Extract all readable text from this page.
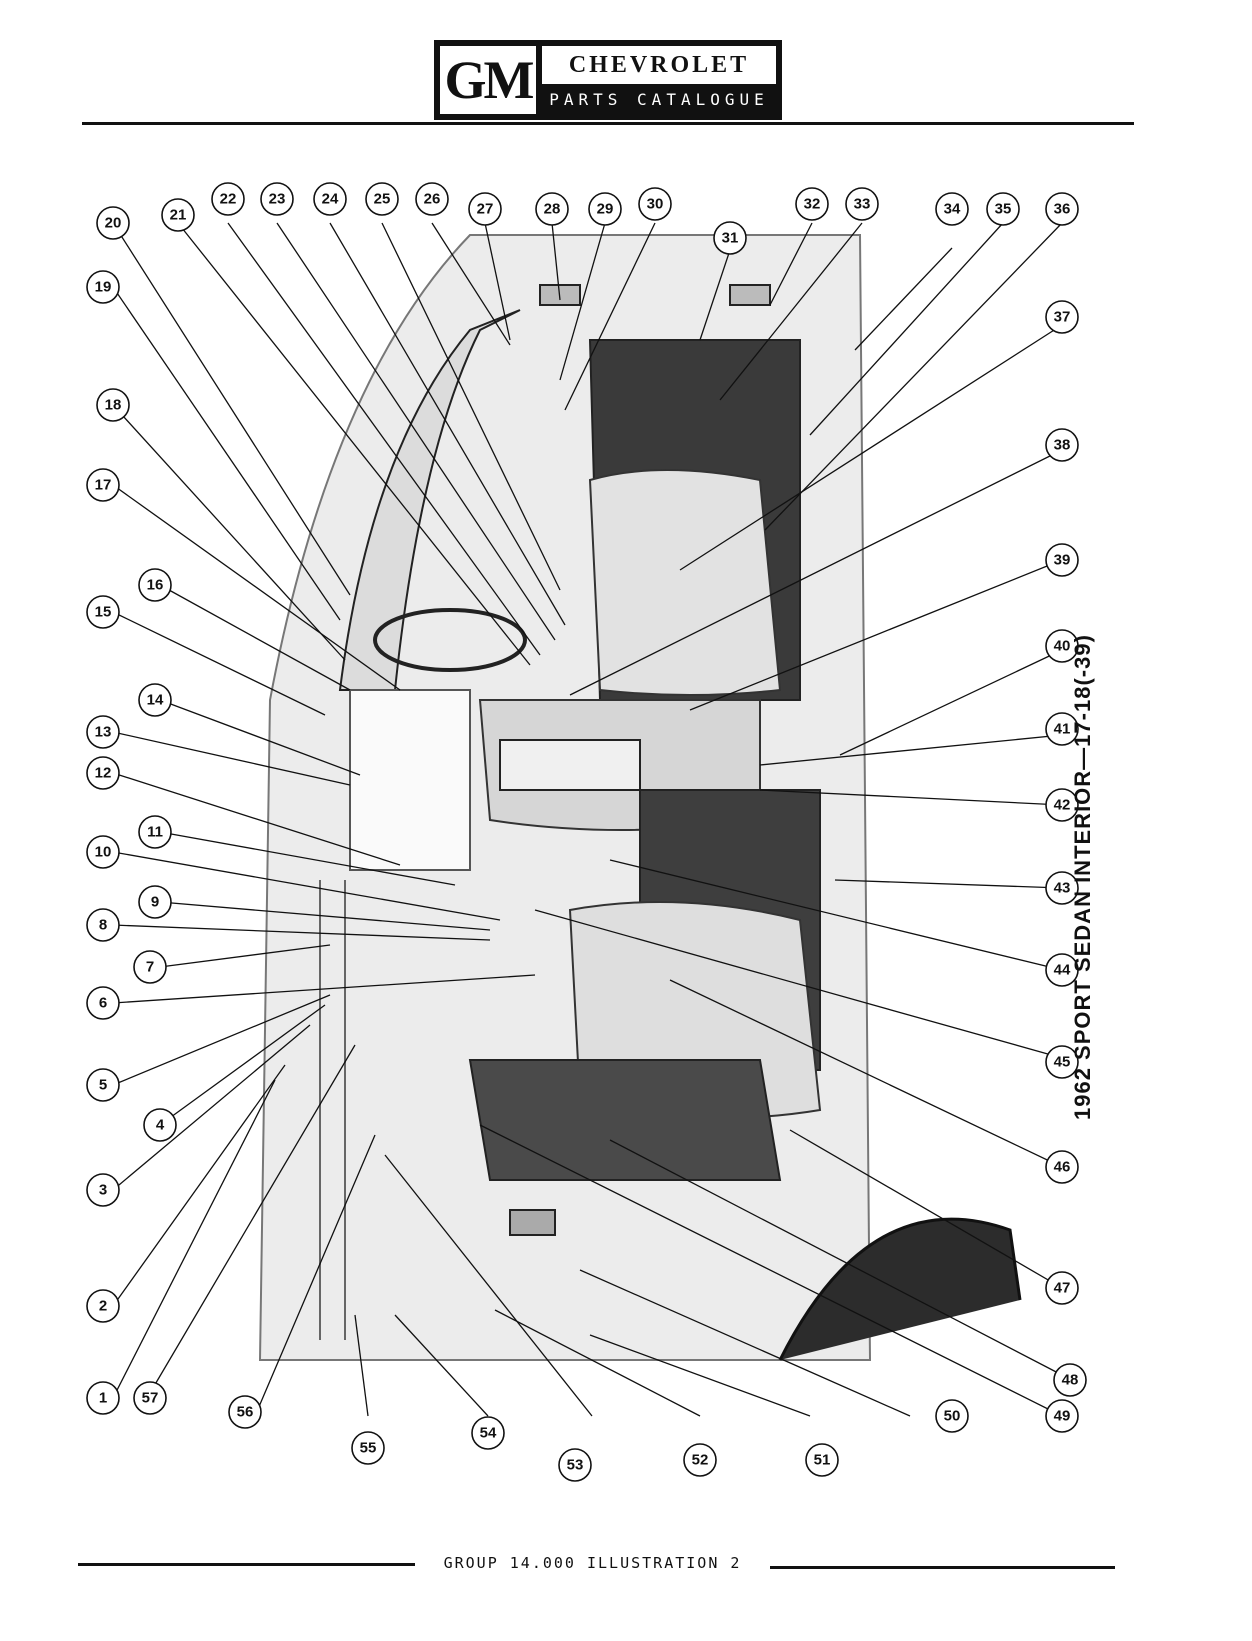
GM	CHEVROLET
PARTS CATALOGUE
1
2
3
4
5
6
7
8
9
10
11
12
13
14
15
16
17
18
19
20	21
22 23 24 25 26
27	28 29 30
31
32 33	34 35	36
37
38
39
40
41
42
43
44
45
46
47
48
49
50
51
52
53
54
55
56
57
1962 SPORT SEDAN INTERIOR—17-18(-39)
GROUP 14.000 ILLUSTRATION 2
